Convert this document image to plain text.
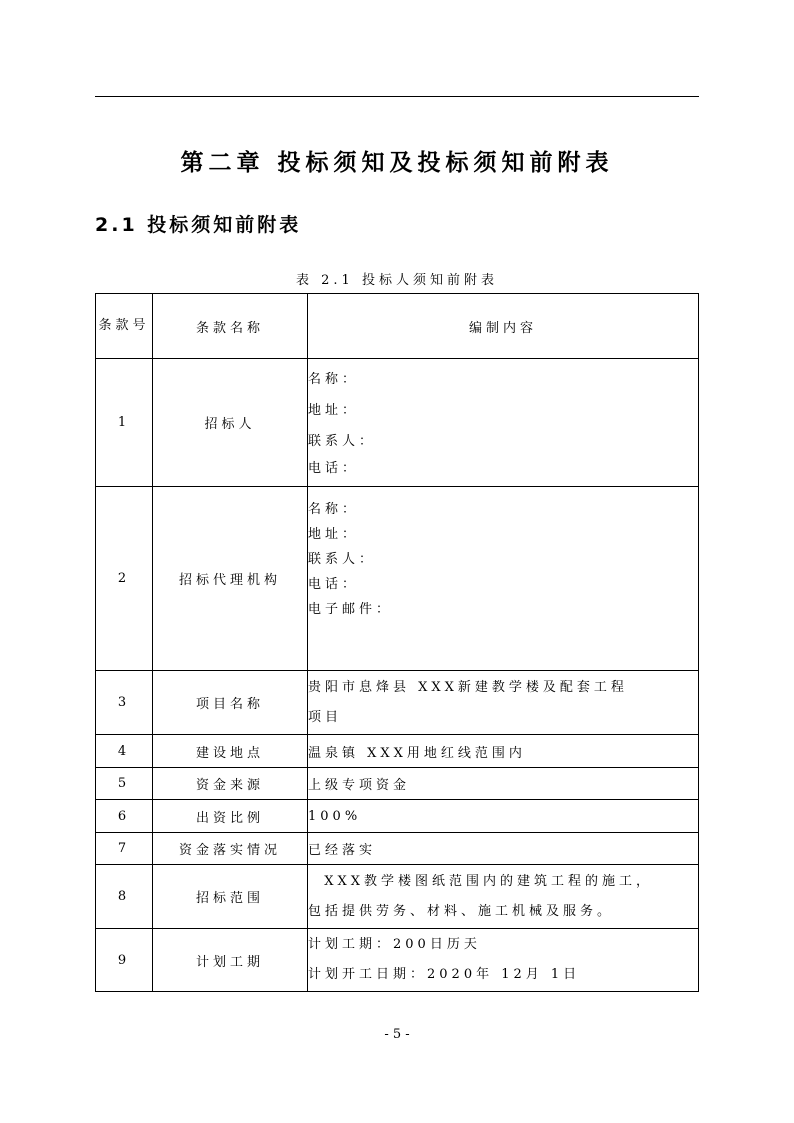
第二章 投标须知及投标须知前附表
2.1 投标须知前附表
表 2.1 投标人须知前附表
条款号	条款名称	编制内容
1	招标人	名称：
地址：
联系人：
电话：

2	招标代理机构	名称：
地址：
联系人：
电话：
电子邮件：

3	项目名称	贵阳市息烽县 XXX新建教学楼及配套工程
项目

4	建设地点	温泉镇 XXX用地红线范围内
5	资金来源	上级专项资金
6	出资比例	100%
7	资金落实情况	已经落实
8	招标范围	XXX教学楼图纸范围内的建筑工程的施工，
包括提供劳务、材料、施工机械及服务。

9	计划工期	计划工期：200日历天
计划开工日期：2020年 12月 1日
- 5 -
